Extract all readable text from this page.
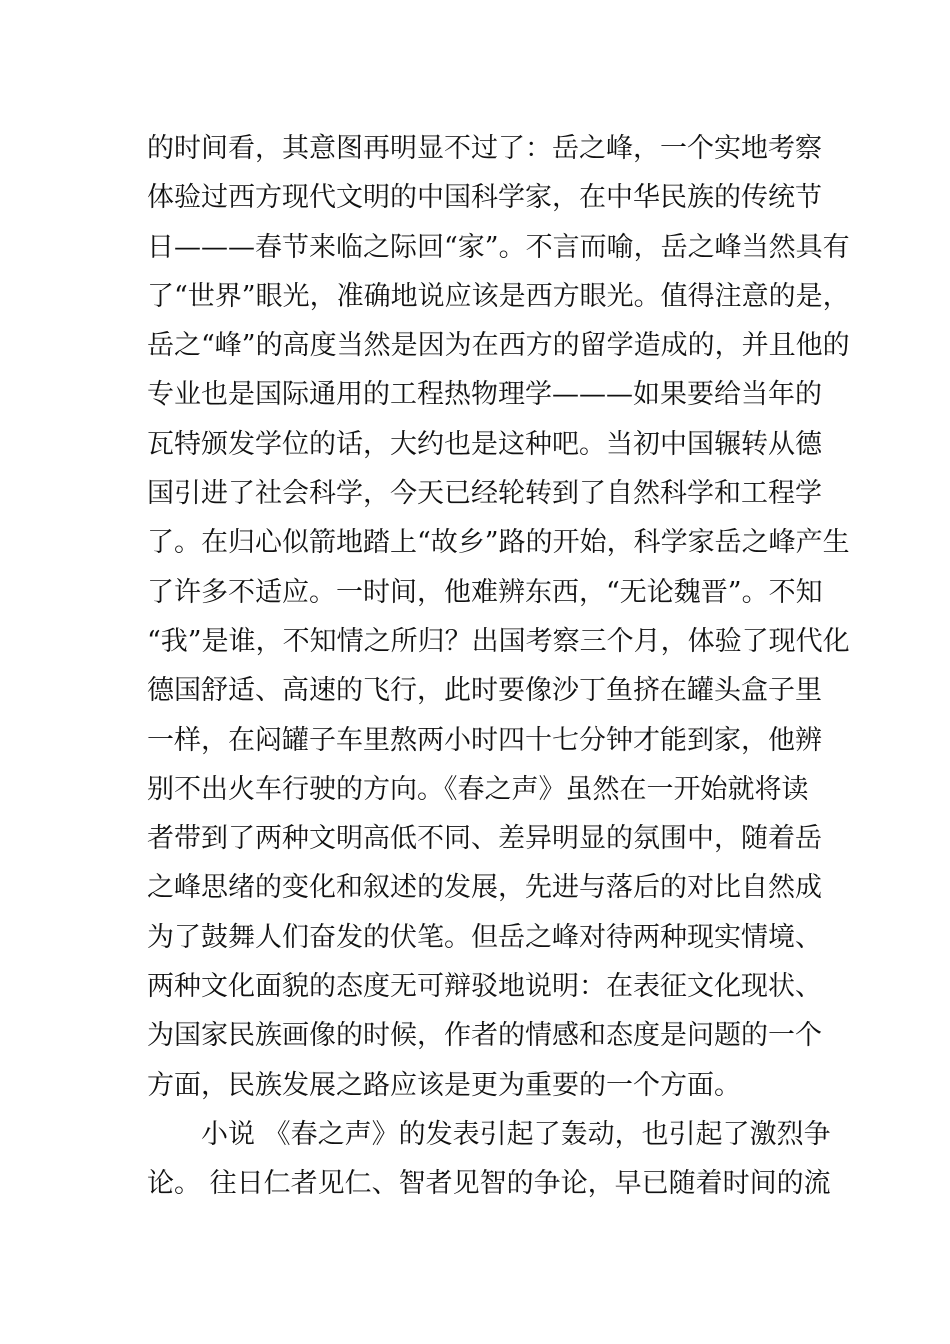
的时间看，其意图再明显不过了：岳之峰，一个实地考察
体验过西方现代文明的中国科学家，在中华民族的传统节
日———春节来临之际回“家”。不言而喻，岳之峰当然具有
了“世界”眼光，准确地说应该是西方眼光。值得注意的是，
岳之“峰”的高度当然是因为在西方的留学造成的，并且他的
专业也是国际通用的工程热物理学———如果要给当年的
瓦特颁发学位的话，大约也是这种吧。当初中国辗转从德
国引进了社会科学，今天已经轮转到了自然科学和工程学
了。在归心似箭地踏上“故乡”路的开始，科学家岳之峰产生
了许多不适应。一时间，他难辨东西，“无论魏晋”。不知
“我”是谁，不知情之所归？出国考察三个月，体验了现代化
德国舒适、高速的飞行，此时要像沙丁鱼挤在罐头盒子里
一样，在闷罐子车里熬两小时四十七分钟才能到家，他辨
别不出火车行驶的方向。《春之声》虽然在一开始就将读
者带到了两种文明高低不同、差异明显的氛围中，随着岳
之峰思绪的变化和叙述的发展，先进与落后的对比自然成
为了鼓舞人们奋发的伏笔。但岳之峰对待两种现实情境、
两种文化面貌的态度无可辩驳地说明：在表征文化现状、
为国家民族画像的时候，作者的情感和态度是问题的一个
方面，民族发展之路应该是更为重要的一个方面。
　　小说 《春之声》的发表引起了轰动，也引起了激烈争
论。 往日仁者见仁、智者见智的争论，早已随着时间的流
